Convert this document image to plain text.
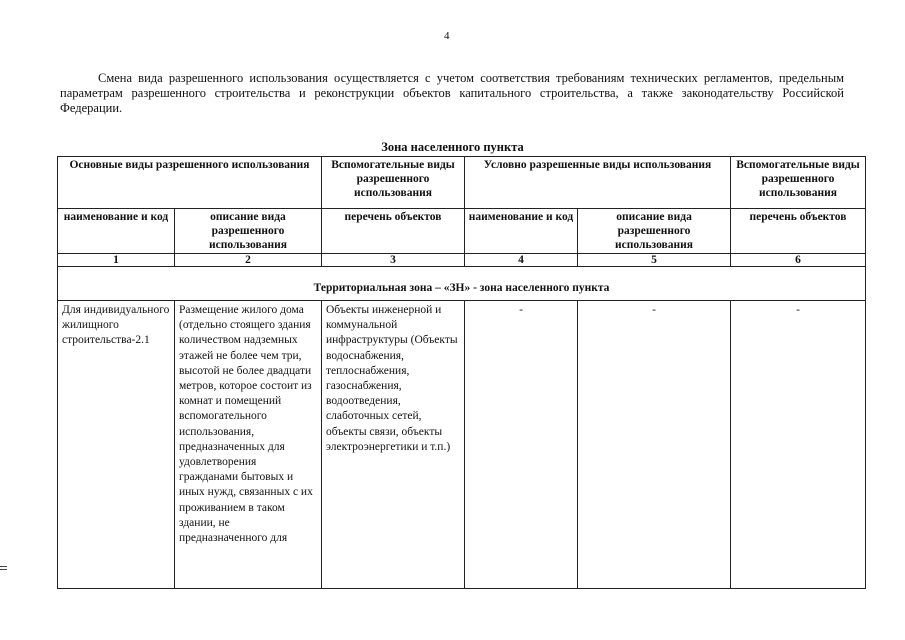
4

Смена вида разрешенного использования осуществляется с учетом соответствия требованиям технических регламентов, предельным параметрам разрешенного строительства и реконструкции объектов капитального строительства, а также законодательству Российской Федерации.

Зона населенного пункта
Основные виды разрешенного использования		Вспомогательные виды разрешенного использования	Условно разрешенные виды использования		Вспомогательные виды разрешенного использования
наименование и код	описание вида разрешенного использования	перечень объектов	наименование и код	описание вида разрешенного использования	перечень объектов
1	2	3	4	5	6
Территориальная зона – «ЗН» - зона населенного пункта					
Для индивидуального жилищного строительства-2.1	Размещение жилого дома (отдельно стоящего здания количеством надземных этажей не более чем три, высотой не более двадцати метров, которое состоит из комнат и помещений вспомогательного использования, предназначенных для удовлетворения гражданами бытовых и иных нужд, связанных с их проживанием в таком здании, не предназначенного для	Объекты инженерной и коммунальной инфраструктуры (Объекты водоснабжения, теплоснабжения, газоснабжения, водоотведения, слаботочных сетей, объекты связи, объекты электроэнергетики и т.п.)	-	-	-
